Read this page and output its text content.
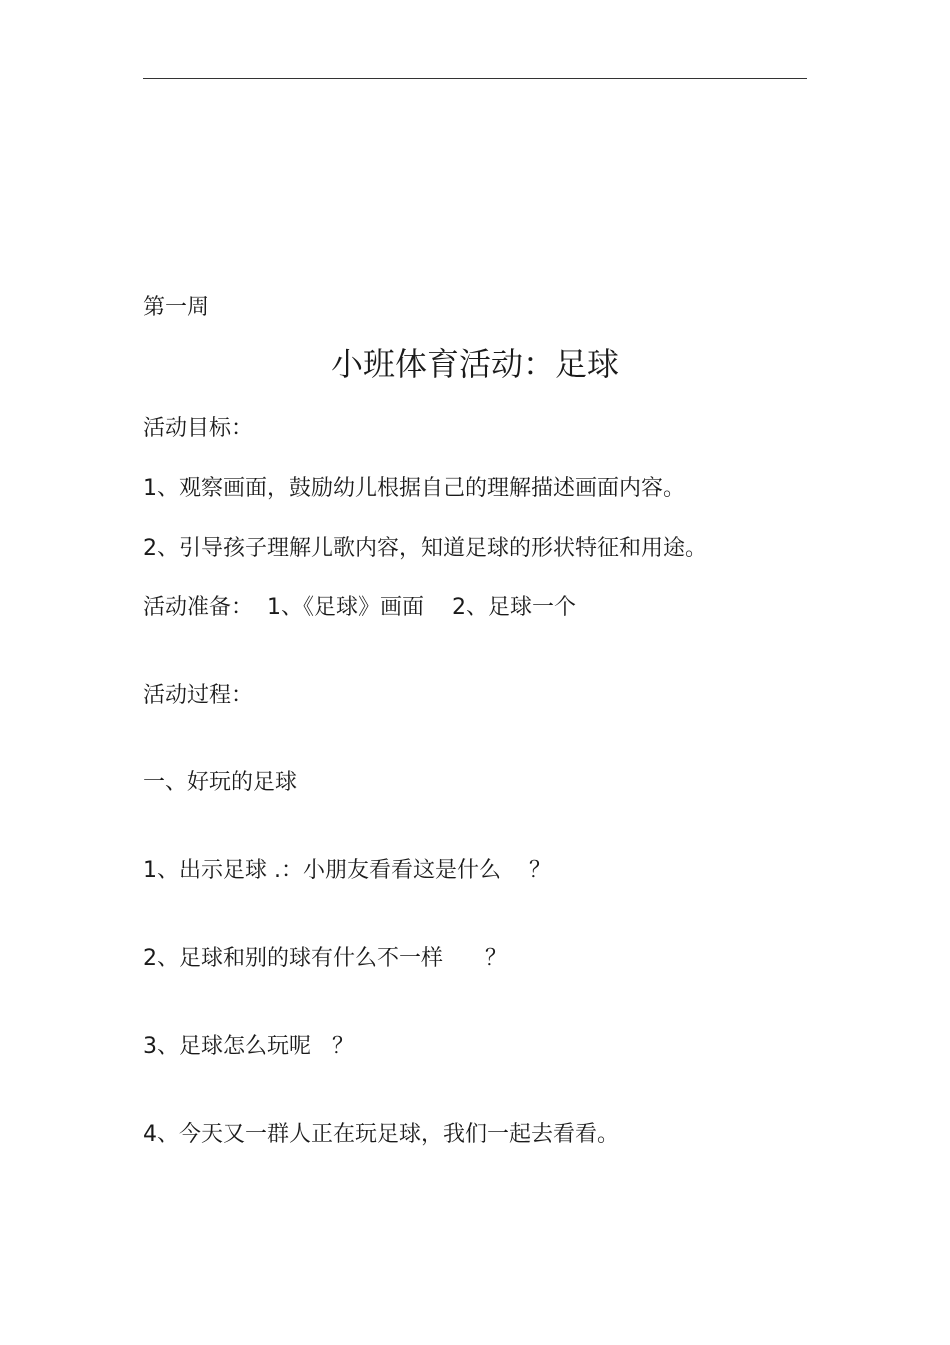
第一周
小班体育活动：足球
活动目标：
1、观察画面，鼓励幼儿根据自己的理解描述画面内容。
2、引导孩子理解儿歌内容，知道足球的形状特征和用途。
活动准备：  1、《足球》画面    2、足球一个
活动过程：
一、好玩的足球
1、出示足球 .：小朋友看看这是什么    ？
2、足球和别的球有什么不一样      ？
3、足球怎么玩呢   ？
4、今天又一群人正在玩足球，我们一起去看看。
